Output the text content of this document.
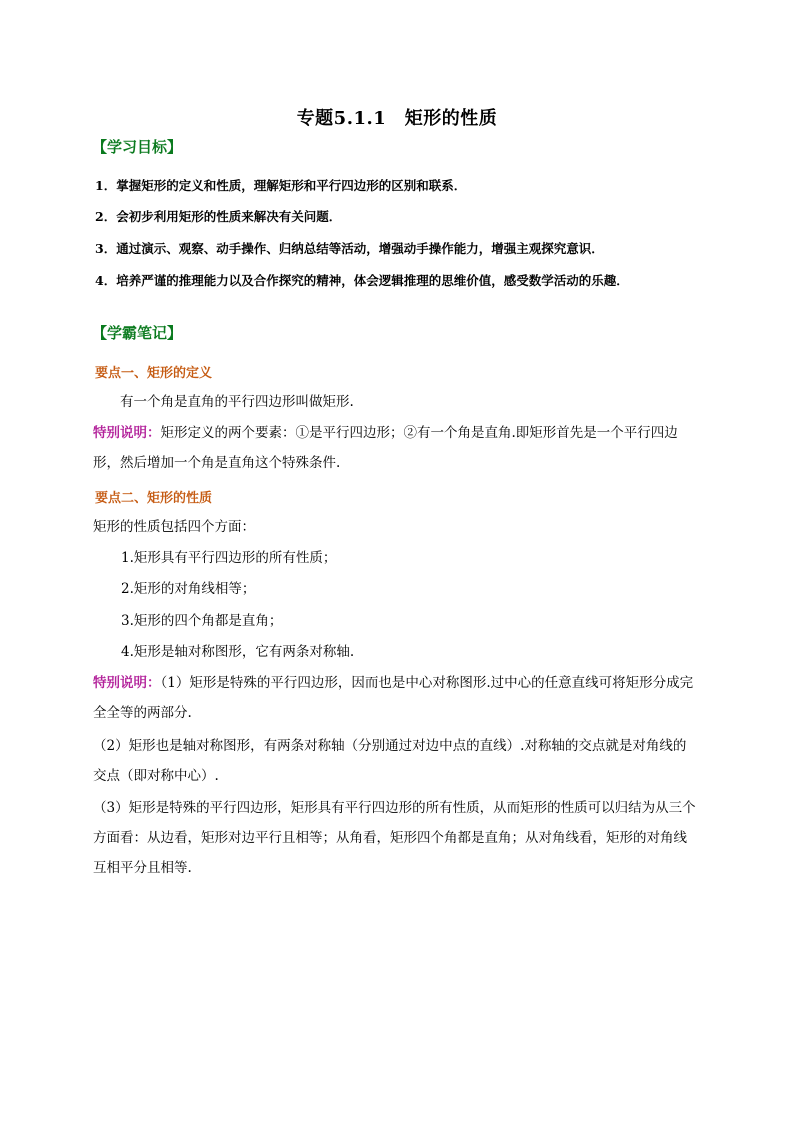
专题5.1.1　矩形的性质
【学习目标】
1．掌握矩形的定义和性质，理解矩形和平行四边形的区别和联系．
2．会初步利用矩形的性质来解决有关问题．
3．通过演示、观察、动手操作、归纳总结等活动，增强动手操作能力，增强主观探究意识．
4．培养严谨的推理能力以及合作探究的精神，体会逻辑推理的思维价值，感受数学活动的乐趣．
【学霸笔记】
要点一、矩形的定义
有一个角是直角的平行四边形叫做矩形.
特别说明：矩形定义的两个要素：①是平行四边形；②有一个角是直角.即矩形首先是一个平行四边形，然后增加一个角是直角这个特殊条件.
要点二、矩形的性质
矩形的性质包括四个方面：
1.矩形具有平行四边形的所有性质；
2.矩形的对角线相等；
3.矩形的四个角都是直角；
4.矩形是轴对称图形，它有两条对称轴.
特别说明：（1）矩形是特殊的平行四边形，因而也是中心对称图形.过中心的任意直线可将矩形分成完全全等的两部分.
（2）矩形也是轴对称图形，有两条对称轴（分别通过对边中点的直线）.对称轴的交点就是对角线的交点（即对称中心）.
（3）矩形是特殊的平行四边形，矩形具有平行四边形的所有性质，从而矩形的性质可以归结为从三个方面看：从边看，矩形对边平行且相等；从角看，矩形四个角都是直角；从对角线看，矩形的对角线互相平分且相等.
